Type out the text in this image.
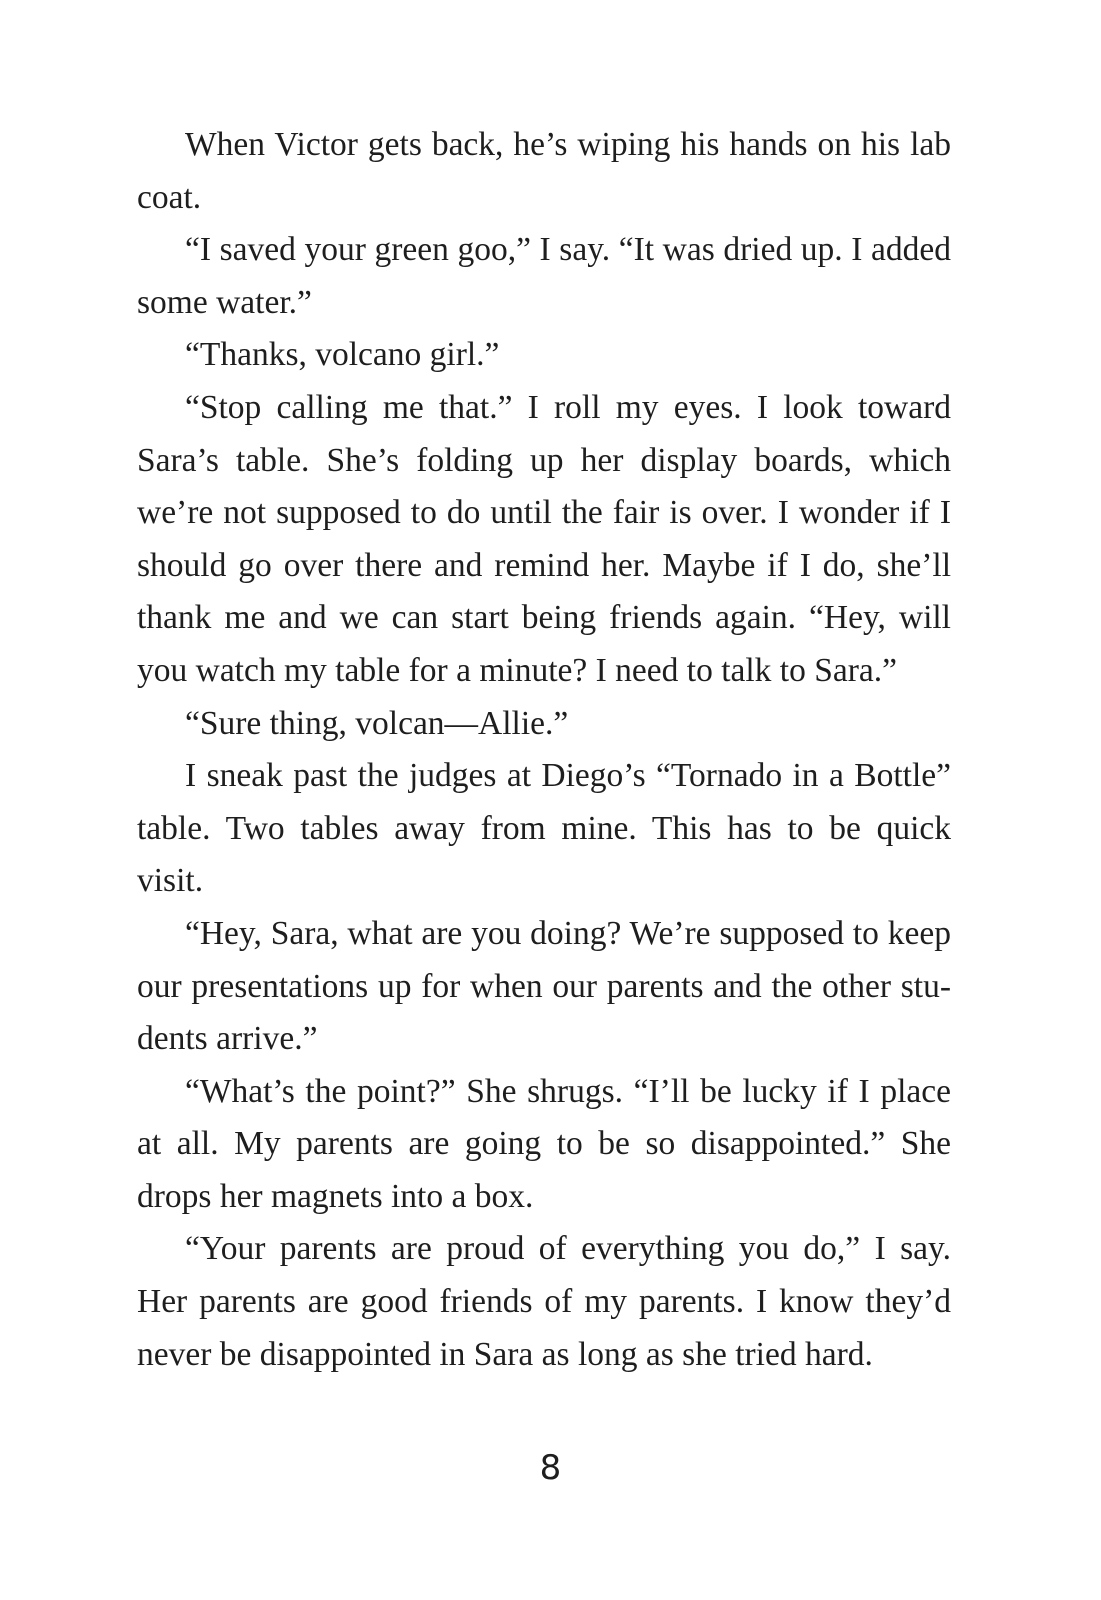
When Victor gets back, he’s wiping his hands on his lab coat.

“I saved your green goo,” I say. “It was dried up. I added some water.”

“Thanks, volcano girl.”

“Stop calling me that.” I roll my eyes. I look toward Sara’s table. She’s folding up her display boards, which we’re not supposed to do until the fair is over. I wonder if I should go over there and remind her. Maybe if I do, she’ll thank me and we can start being friends again. “Hey, will you watch my table for a minute? I need to talk to Sara.”

“Sure thing, volcan—Allie.”

I sneak past the judges at Diego’s “Tornado in a Bottle” table. Two tables away from mine. This has to be quick visit.

“Hey, Sara, what are you doing? We’re supposed to keep our presentations up for when our parents and the other students arrive.”

“What’s the point?” She shrugs. “I’ll be lucky if I place at all. My parents are going to be so disappointed.” She drops her magnets into a box.

“Your parents are proud of everything you do,” I say. Her parents are good friends of my parents. I know they’d never be disappointed in Sara as long as she tried hard.

8
